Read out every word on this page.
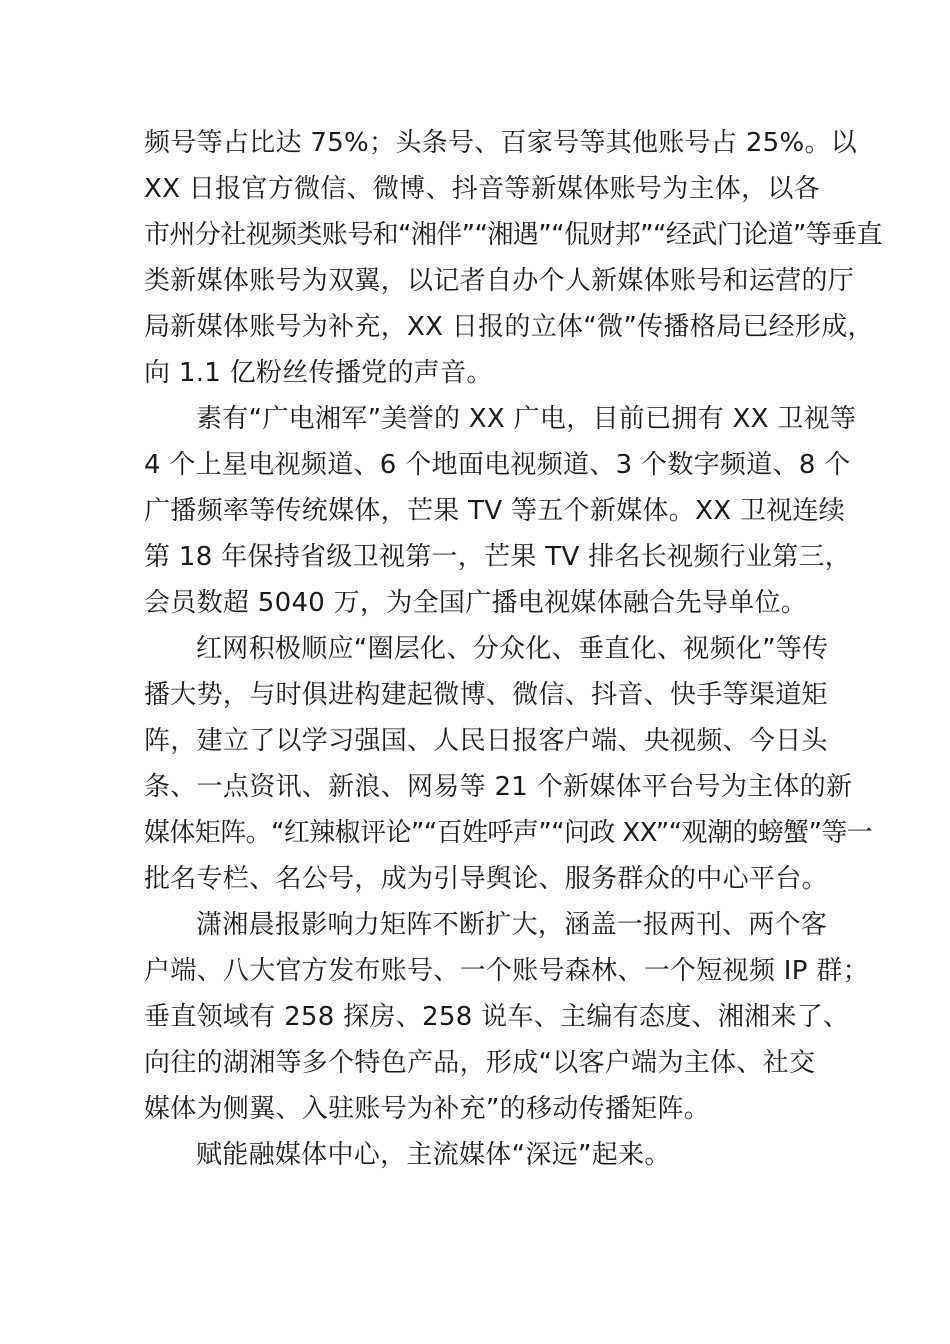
频号等占比达 75%；头条号、百家号等其他账号占 25%。以
XX 日报官方微信、微博、抖音等新媒体账号为主体，以各
市州分社视频类账号和“湘伴”“湘遇”“侃财邦”“经武门论道”等垂直
类新媒体账号为双翼，以记者自办个人新媒体账号和运营的厅
局新媒体账号为补充，XX 日报的立体“微”传播格局已经形成，
向 1.1 亿粉丝传播党的声音。
素有“广电湘军”美誉的 XX 广电，目前已拥有 XX 卫视等
4 个上星电视频道、6 个地面电视频道、3 个数字频道、8 个
广播频率等传统媒体，芒果 TV 等五个新媒体。XX 卫视连续
第 18 年保持省级卫视第一，芒果 TV 排名长视频行业第三，
会员数超 5040 万，为全国广播电视媒体融合先导单位。
红网积极顺应“圈层化、分众化、垂直化、视频化”等传
播大势，与时俱进构建起微博、微信、抖音、快手等渠道矩
阵，建立了以学习强国、人民日报客户端、央视频、今日头
条、一点资讯、新浪、网易等 21 个新媒体平台号为主体的新
媒体矩阵。“红辣椒评论”“百姓呼声”“问政 XX”“观潮的螃蟹”等一
批名专栏、名公号，成为引导舆论、服务群众的中心平台。
潇湘晨报影响力矩阵不断扩大，涵盖一报两刊、两个客
户端、八大官方发布账号、一个账号森林、一个短视频 IP 群；
垂直领域有 258 探房、258 说车、主编有态度、湘湘来了、
向往的湖湘等多个特色产品，形成“以客户端为主体、社交
媒体为侧翼、入驻账号为补充”的移动传播矩阵。
赋能融媒体中心，主流媒体“深远”起来。
